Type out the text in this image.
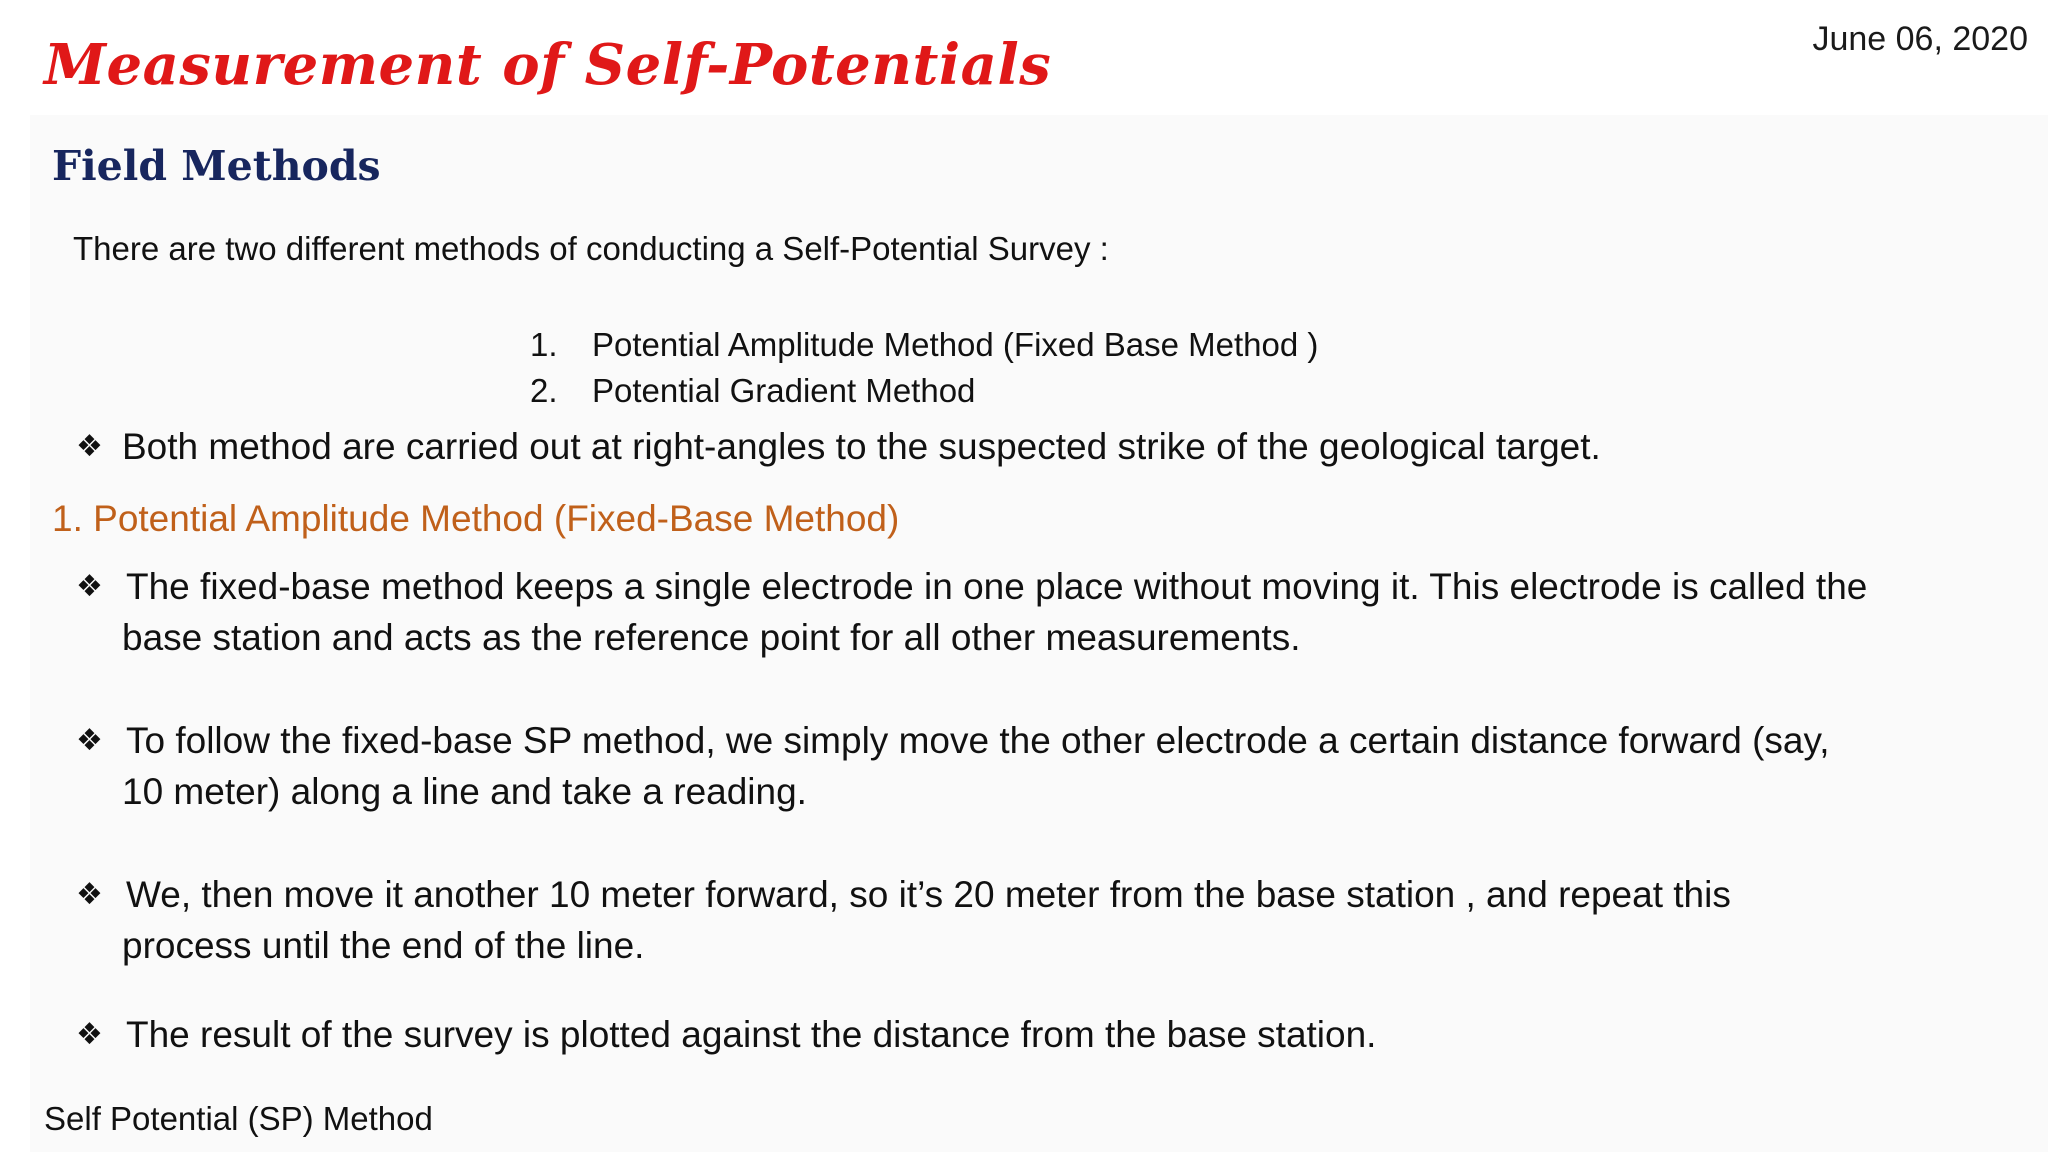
June 06, 2020
Measurement of Self-Potentials
Field Methods
There are two different methods of conducting a Self-Potential Survey :
1. Potential Amplitude Method (Fixed Base Method )
2. Potential Gradient Method
❖ Both method are carried out at right-angles to the suspected strike of the geological target.
1. Potential Amplitude Method (Fixed-Base Method)
❖ The fixed-base method keeps a single electrode in one place without moving it. This electrode is called the
base station and acts as the reference point for all other measurements.
❖ To follow the fixed-base SP method, we simply move the other electrode a certain distance forward (say,
10 meter) along a line and take a reading.
❖ We, then move it another 10 meter forward, so it’s 20 meter from the base station , and repeat this
process until the end of the line.
❖ The result of the survey is plotted against the distance from the base station.
Self Potential (SP) Method
